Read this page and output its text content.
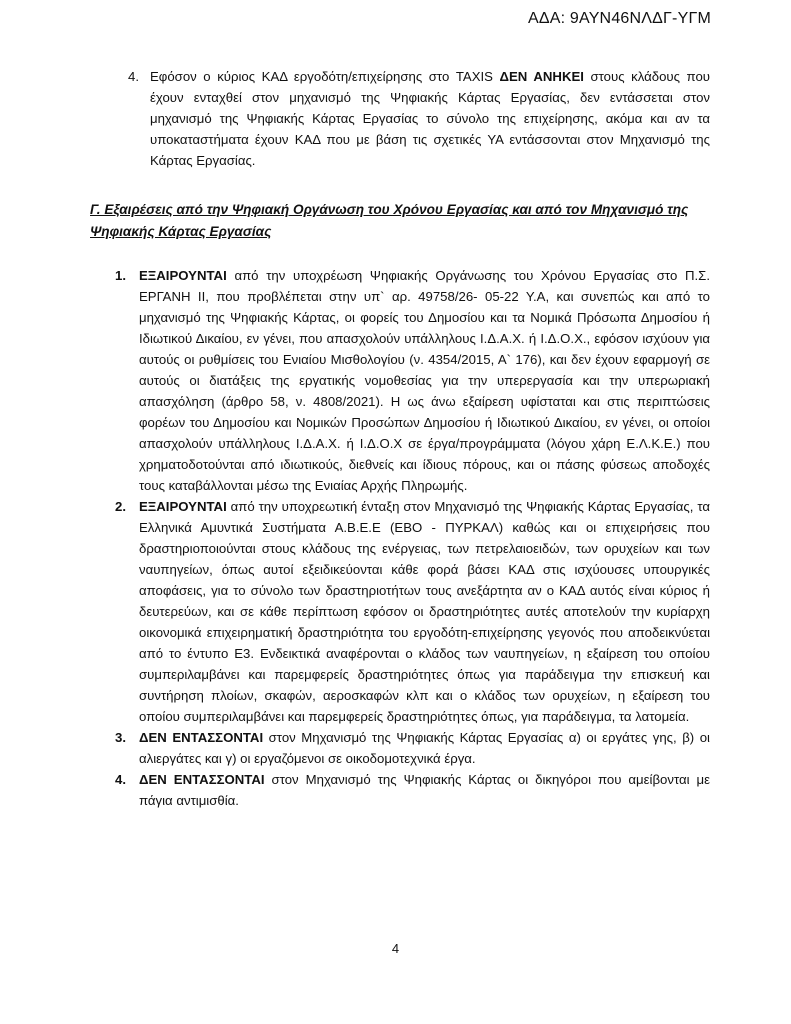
ΑΔΑ: 9ΑΥΝ46ΝΛΔΓ-ΥΓΜ
4. Εφόσον ο κύριος ΚΑΔ εργοδότη/επιχείρησης στο TAXIS ΔΕΝ ΑΝΗΚΕΙ στους κλάδους που έχουν ενταχθεί στον μηχανισμό της Ψηφιακής Κάρτας Εργασίας, δεν εντάσσεται στον μηχανισμό της Ψηφιακής Κάρτας Εργασίας το σύνολο της επιχείρησης, ακόμα και αν τα υποκαταστήματα έχουν ΚΑΔ που με βάση τις σχετικές ΥΑ εντάσσονται στον Μηχανισμό της Κάρτας Εργασίας.
Γ. Εξαιρέσεις από την Ψηφιακή Οργάνωση του Χρόνου Εργασίας και από τον Μηχανισμό της Ψηφιακής Κάρτας Εργασίας
1. ΕΞΑΙΡΟΥΝΤΑΙ από την υποχρέωση Ψηφιακής Οργάνωσης του Χρόνου Εργασίας στο Π.Σ. ΕΡΓΑΝΗ ΙΙ, που προβλέπεται στην υπ` αρ. 49758/26- 05-22 Υ.Α, και συνεπώς και από το μηχανισμό της Ψηφιακής Κάρτας, οι φορείς του Δημοσίου και τα Νομικά Πρόσωπα Δημοσίου ή Ιδιωτικού Δικαίου, εν γένει, που απασχολούν υπάλληλους Ι.Δ.Α.Χ. ή Ι.Δ.Ο.Χ., εφόσον ισχύουν για αυτούς οι ρυθμίσεις του Ενιαίου Μισθολογίου (ν. 4354/2015, Α` 176), και δεν έχουν εφαρμογή σε αυτούς οι διατάξεις της εργατικής νομοθεσίας για την υπερεργασία και την υπερωριακή απασχόληση (άρθρο 58, ν. 4808/2021). Η ως άνω εξαίρεση υφίσταται και στις περιπτώσεις φορέων του Δημοσίου και Νομικών Προσώπων Δημοσίου ή Ιδιωτικού Δικαίου, εν γένει, οι οποίοι απασχολούν υπάλληλους Ι.Δ.Α.Χ. ή Ι.Δ.Ο.Χ σε έργα/προγράμματα (λόγου χάρη Ε.Λ.Κ.Ε.) που χρηματοδοτούνται από ιδιωτικούς, διεθνείς και ίδιους πόρους, και οι πάσης φύσεως αποδοχές τους καταβάλλονται μέσω της Ενιαίας Αρχής Πληρωμής.
2. ΕΞΑΙΡΟΥΝΤΑΙ από την υποχρεωτική ένταξη στον Μηχανισμό της Ψηφιακής Κάρτας Εργασίας, τα Ελληνικά Αμυντικά Συστήματα Α.Β.Ε.Ε (ΕΒΟ - ΠΥΡΚΑΛ) καθώς και οι επιχειρήσεις που δραστηριοποιούνται στους κλάδους της ενέργειας, των πετρελαιοειδών, των ορυχείων και των ναυπηγείων, όπως αυτοί εξειδικεύονται κάθε φορά βάσει ΚΑΔ στις ισχύουσες υπουργικές αποφάσεις, για το σύνολο των δραστηριοτήτων τους ανεξάρτητα αν ο ΚΑΔ αυτός είναι κύριος ή δευτερεύων, και σε κάθε περίπτωση εφόσον οι δραστηριότητες αυτές αποτελούν την κυρίαρχη οικονομικά επιχειρηματική δραστηριότητα του εργοδότη-επιχείρησης γεγονός που αποδεικνύεται από το έντυπο Ε3. Ενδεικτικά αναφέρονται ο κλάδος των ναυπηγείων, η εξαίρεση του οποίου συμπεριλαμβάνει και παρεμφερείς δραστηριότητες όπως για παράδειγμα την επισκευή και συντήρηση πλοίων, σκαφών, αεροσκαφών κλπ και ο κλάδος των ορυχείων, η εξαίρεση του οποίου συμπεριλαμβάνει και παρεμφερείς δραστηριότητες όπως, για παράδειγμα, τα λατομεία.
3. ΔΕΝ ΕΝΤΑΣΣΟΝΤΑΙ στον Μηχανισμό της Ψηφιακής Κάρτας Εργασίας α) οι εργάτες γης, β) οι αλιεργάτες και γ) οι εργαζόμενοι σε οικοδομοτεχνικά έργα.
4. ΔΕΝ ΕΝΤΑΣΣΟΝΤΑΙ στον Μηχανισμό της Ψηφιακής Κάρτας οι δικηγόροι που αμείβονται με πάγια αντιμισθία.
4
